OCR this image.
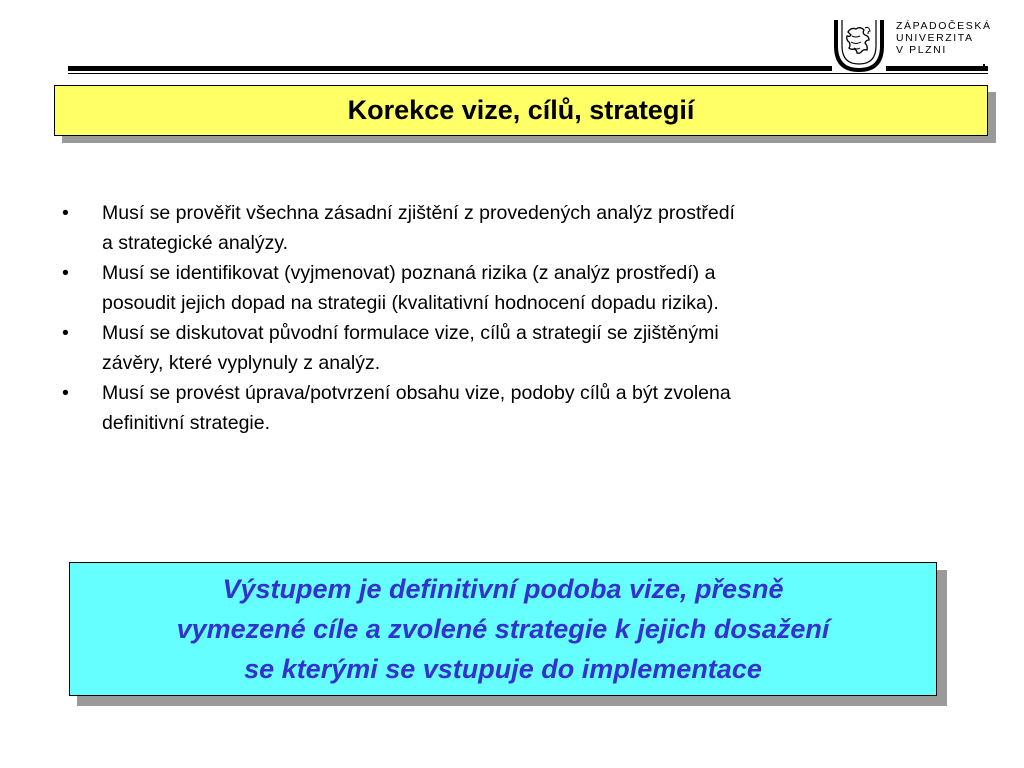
ZÁPADOČESKÁ
UNIVERZITA
V PLZNI
Korekce vize, cílů, strategií
•	Musí se prověřit všechna zásadní zjištění z provedených analýz prostředí
a strategické analýzy.
•	Musí se identifikovat (vyjmenovat) poznaná rizika (z analýz prostředí) a
posoudit jejich dopad na strategii (kvalitativní hodnocení dopadu rizika).
•	Musí se diskutovat původní formulace vize, cílů a strategií se zjištěnými
závěry, které vyplynuly z analýz.
•	Musí se provést úprava/potvrzení obsahu vize, podoby cílů a být zvolena
definitivní strategie.
Výstupem je definitivní podoba vize, přesně
vymezené cíle a zvolené strategie k jejich dosažení
se kterými se vstupuje do implementace
